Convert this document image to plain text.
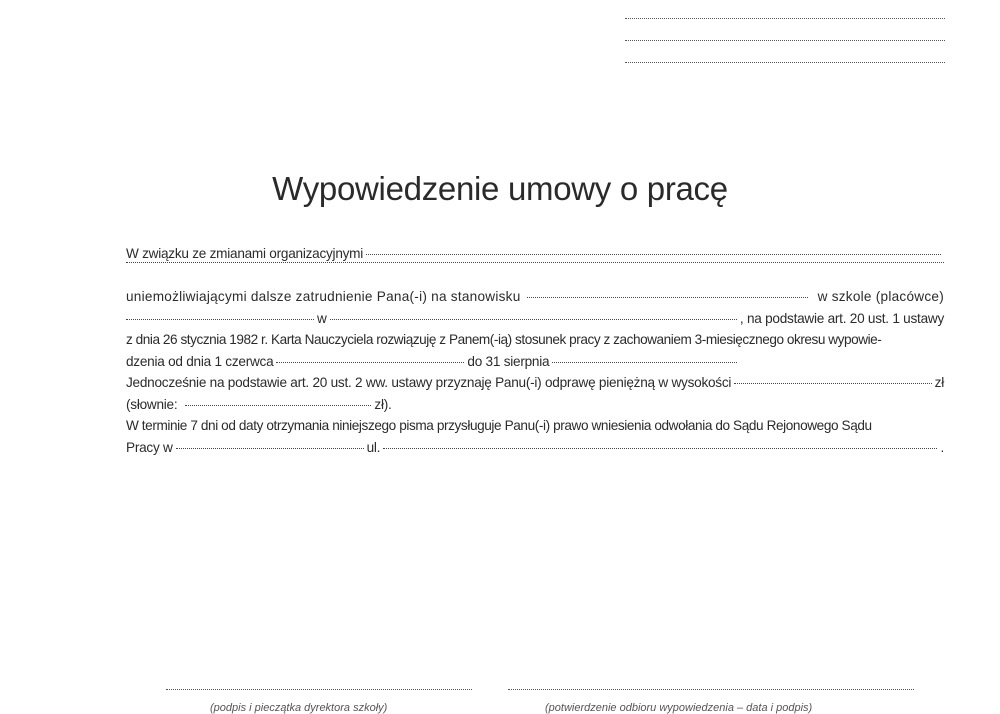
Wypowiedzenie umowy o pracę
W związku ze zmianami organizacyjnymi
uniemożliwiającymi dalsze zatrudnienie Pana(-i) na stanowisku	w szkole (placówce)
w	, na podstawie art. 20 ust. 1 ustawy
z dnia 26 stycznia 1982 r. Karta Nauczyciela rozwiązuję z Panem(-ią) stosunek pracy z zachowaniem 3-miesięcznego okresu wypowie-
dzenia od dnia 1 czerwca	do 31 sierpnia
Jednocześnie na podstawie art. 20 ust. 2 ww. ustawy przyznaję Panu(-i) odprawę pieniężną w wysokości	zł
(słownie:	zł).
W terminie 7 dni od daty otrzymania niniejszego pisma przysługuje Panu(-i) prawo wniesienia odwołania do Sądu Rejonowego Sądu
Pracy w	ul.	.
(podpis i pieczątka dyrektora szkoły)	(potwierdzenie odbioru wypowiedzenia – data i podpis)
